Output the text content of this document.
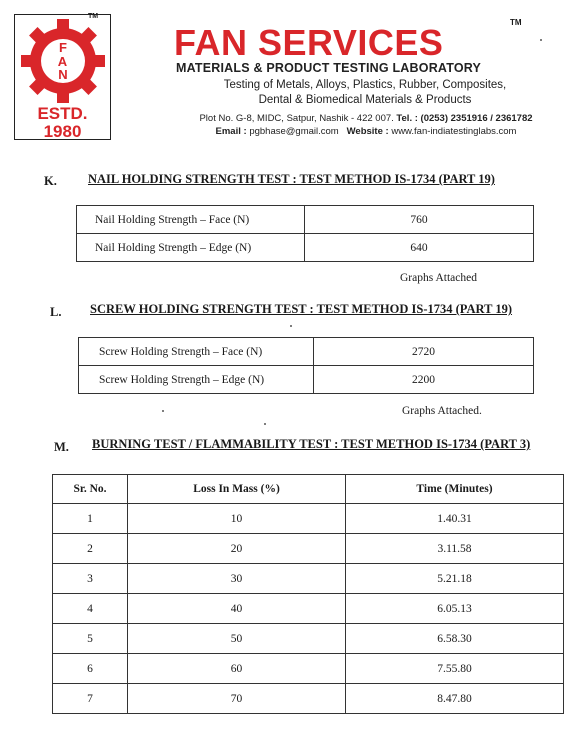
F
A
N
ESTD.
1980
TM
FAN SERVICES	TM
MATERIALS & PRODUCT TESTING LABORATORY
Testing of Metals, Alloys, Plastics, Rubber, Composites,
Dental & Biomedical Materials & Products
Plot No. G-8, MIDC, Satpur, Nashik - 422 007. Tel. : (0253) 2351916 / 2361782
Email : pgbhase@gmail.com Website : www.fan-indiatestinglabs.com
K. NAIL HOLDING STRENGTH TEST : TEST METHOD IS-1734 (PART 19)
Nail Holding Strength – Face (N)	760
Nail Holding Strength – Edge (N)	640
Graphs Attached
L. SCREW HOLDING STRENGTH TEST : TEST METHOD IS-1734 (PART 19)
Screw Holding Strength – Face (N)	2720
Screw Holding Strength – Edge (N)	2200
Graphs Attached.
M. BURNING TEST / FLAMMABILITY TEST : TEST METHOD IS-1734 (PART 3)
Sr. No.	Loss In Mass (%)	Time (Minutes)
1	10	1.40.31
2	20	3.11.58
3	30	5.21.18
4	40	6.05.13
5	50	6.58.30
6	60	7.55.80
7	70	8.47.80
